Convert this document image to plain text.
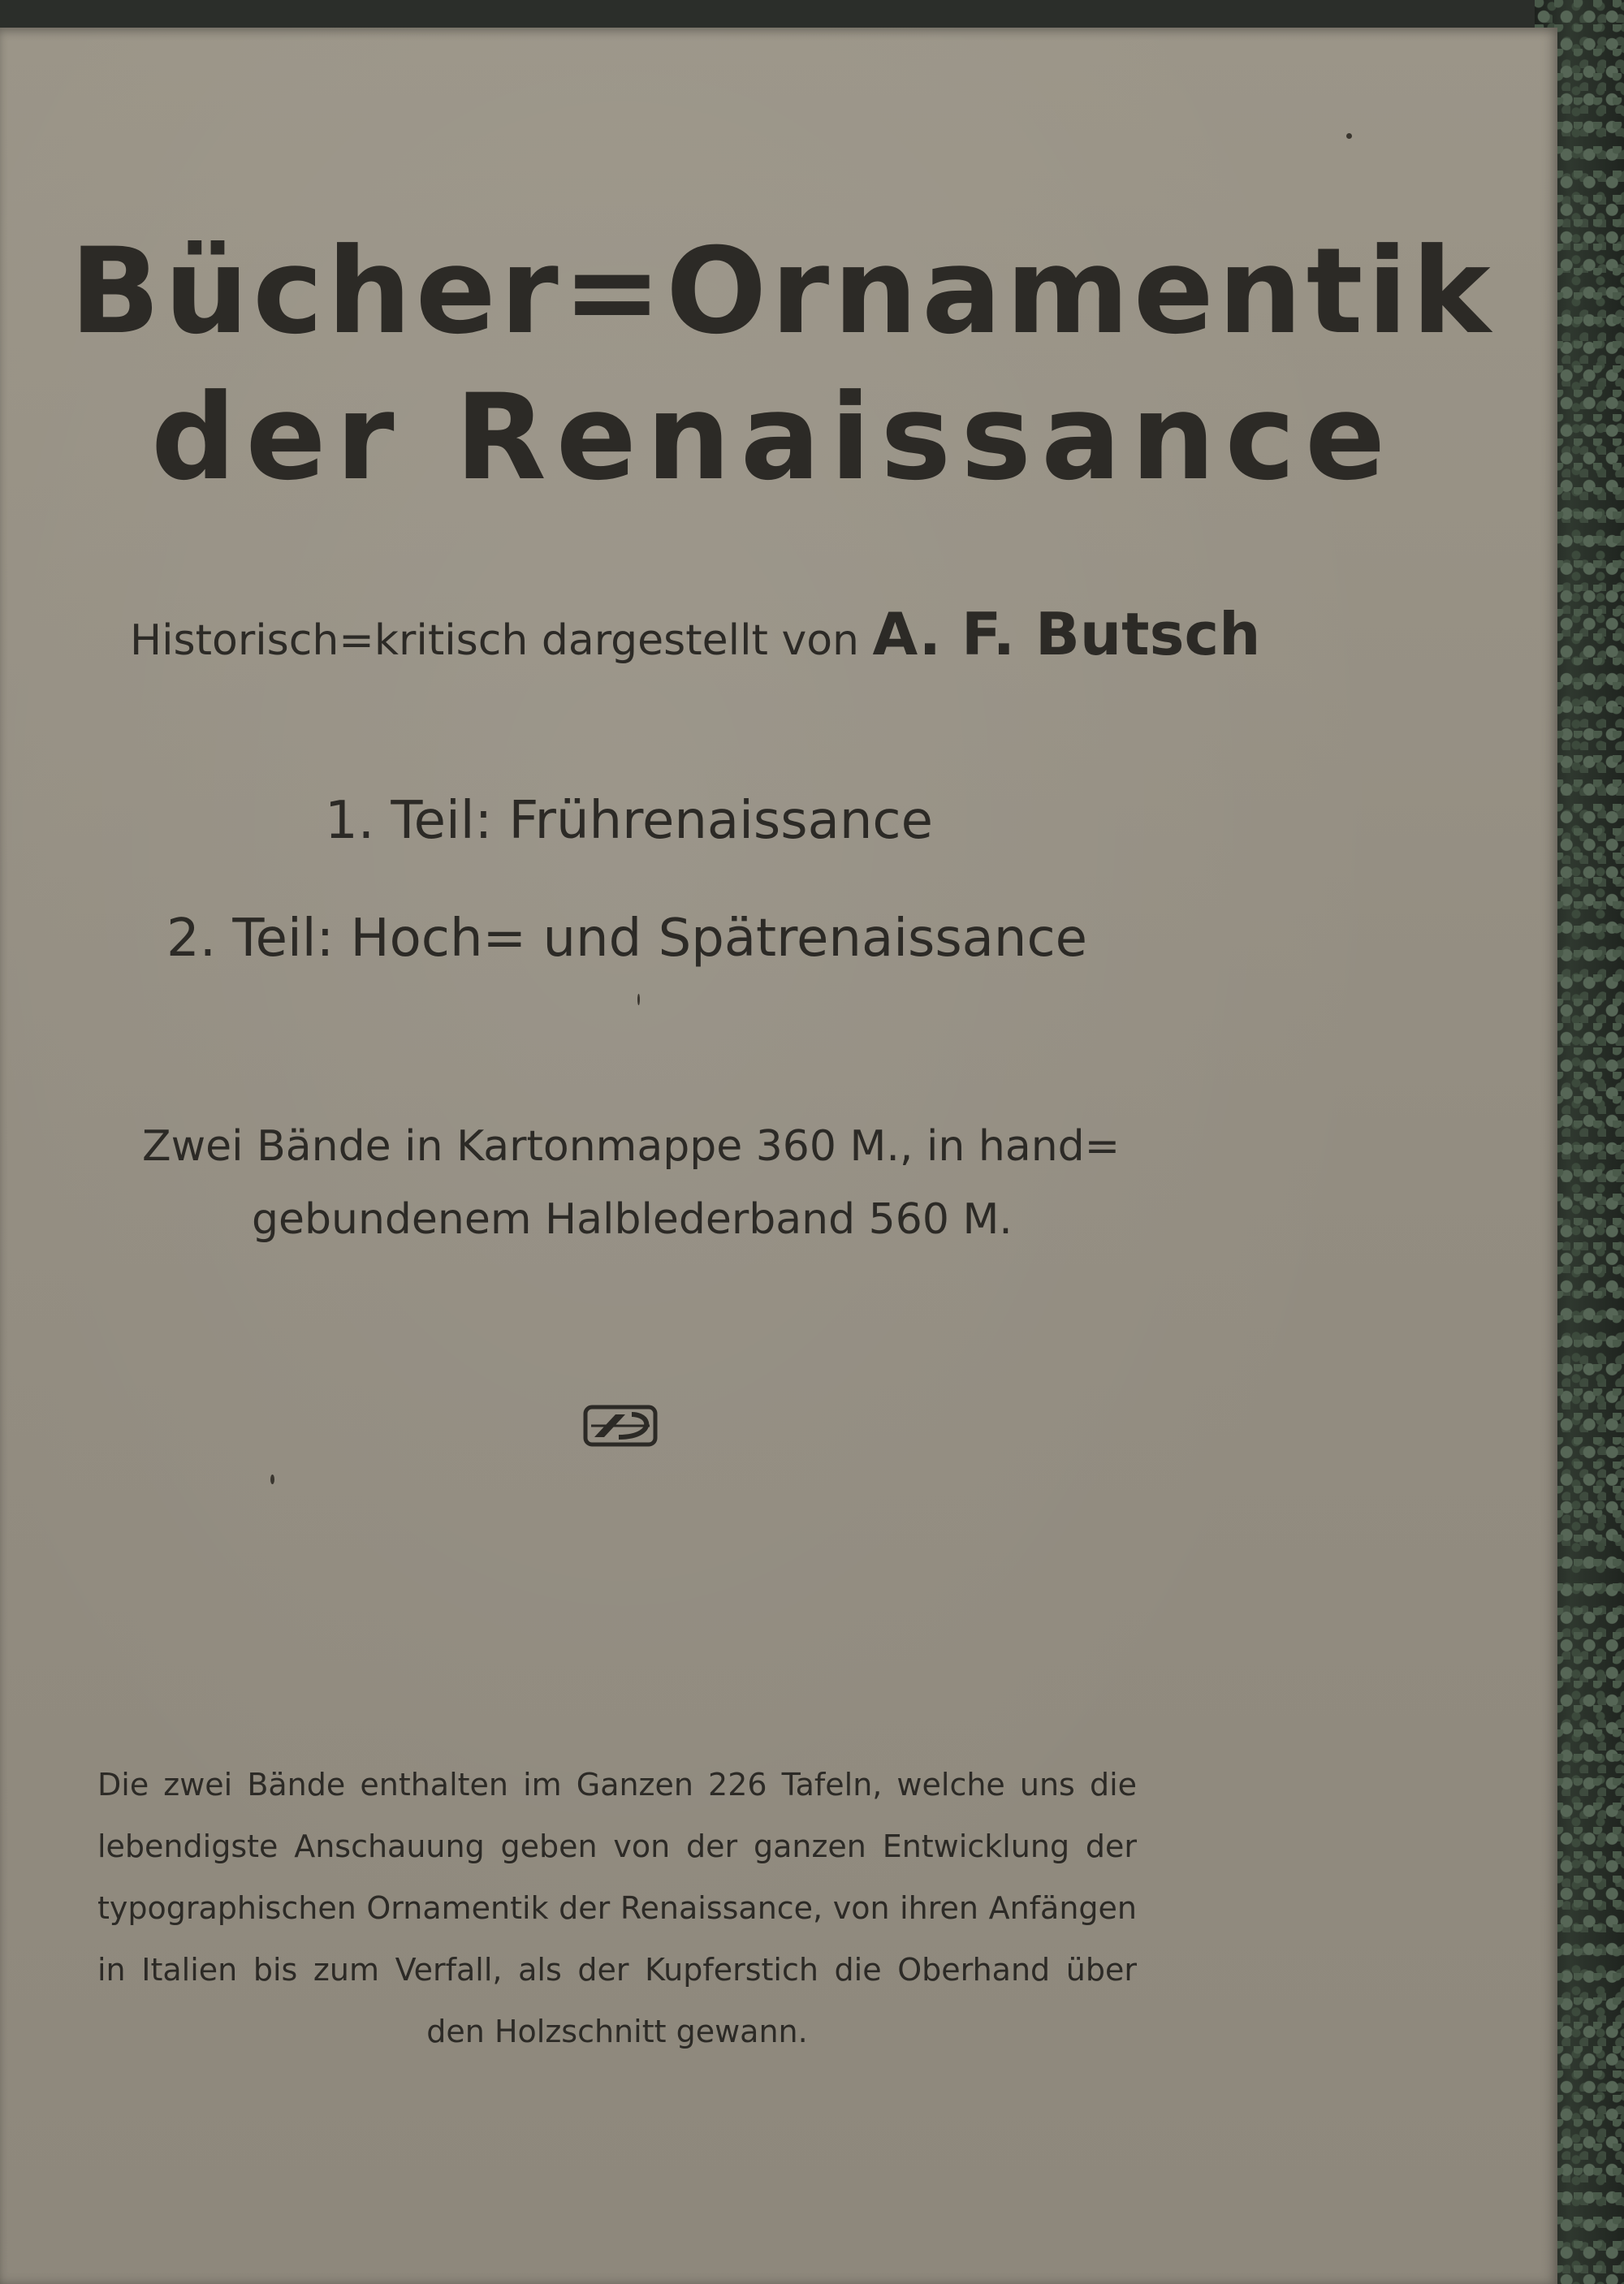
Bücher=Ornamentik
der Renaissance
Historisch=kritisch dargestellt von A. F. Butsch
1. Teil: Frührenaissance
2. Teil: Hoch= und Spätrenaissance
Zwei Bände in Kartonmappe 360 M., in hand=
gebundenem Halblederband 560 M.
Die zwei Bände enthalten im Ganzen 226 Tafeln, welche uns die lebendigste Anschauung geben von der ganzen Entwicklung der typographischen Ornamentik der Renaissance, von ihren Anfängen in Italien bis zum Verfall, als der Kupferstich die Oberhand über den Holzschnitt gewann.
